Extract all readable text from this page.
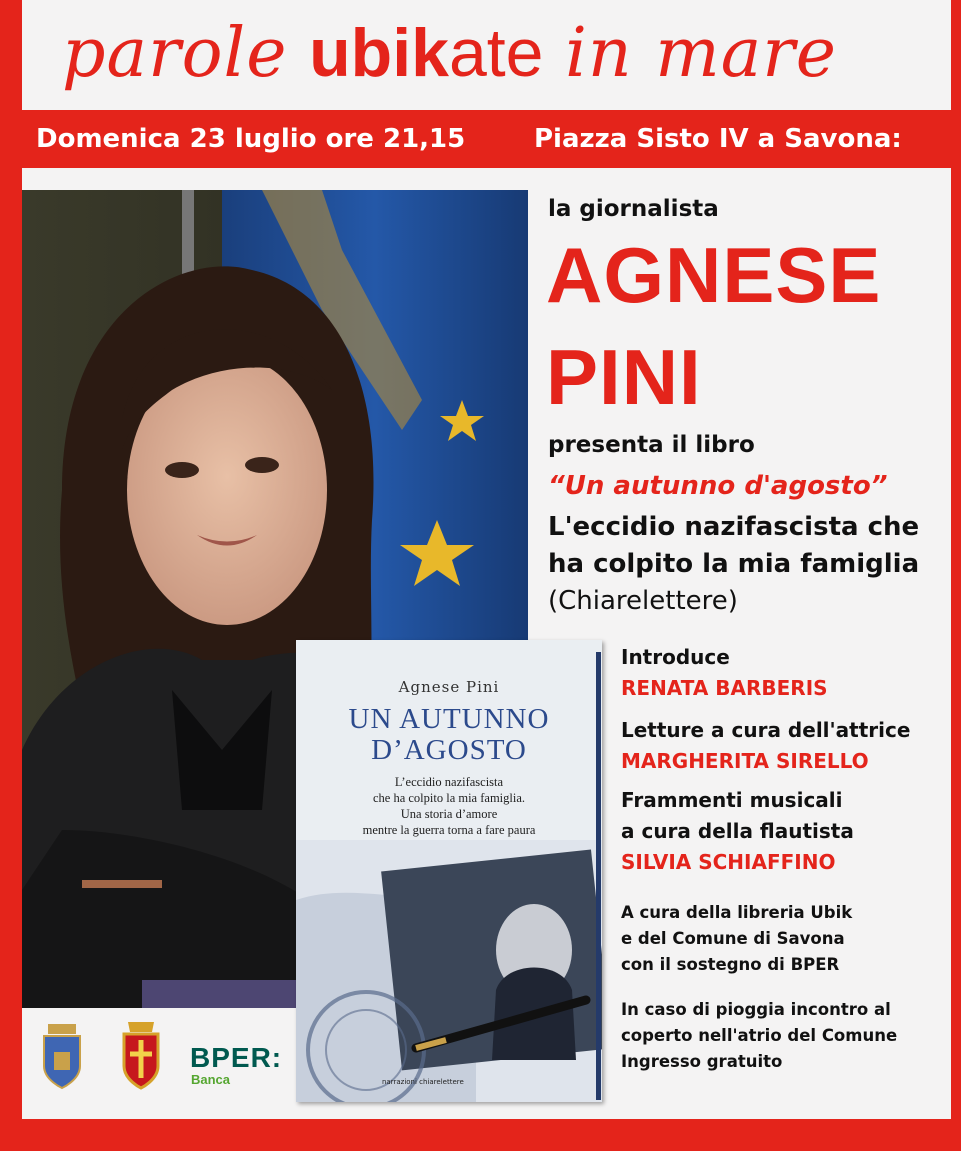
parole ubikate in mare
Domenica 23 luglio ore 21,15	Piazza Sisto IV a Savona:
BPER:
Banca
Agnese Pini
UN AUTUNNO
D’AGOSTO
L’eccidio nazifascista
che ha colpito la mia famiglia.
Una storia d’amore
mentre la guerra torna a fare paura
narrazioni chiarelettere
la giornalista
AGNESE
PINI
presenta il libro
“Un autunno d'agosto”
L'eccidio nazifascista che
ha colpito la mia famiglia
(Chiarelettere)
Introduce
RENATA BARBERIS
Letture a cura dell'attrice
MARGHERITA SIRELLO
Frammenti musicali
a cura della flautista
SILVIA SCHIAFFINO
A cura della libreria Ubik
e del Comune di Savona
con il sostegno di BPER
In caso di pioggia incontro al
coperto nell'atrio del Comune
Ingresso gratuito
